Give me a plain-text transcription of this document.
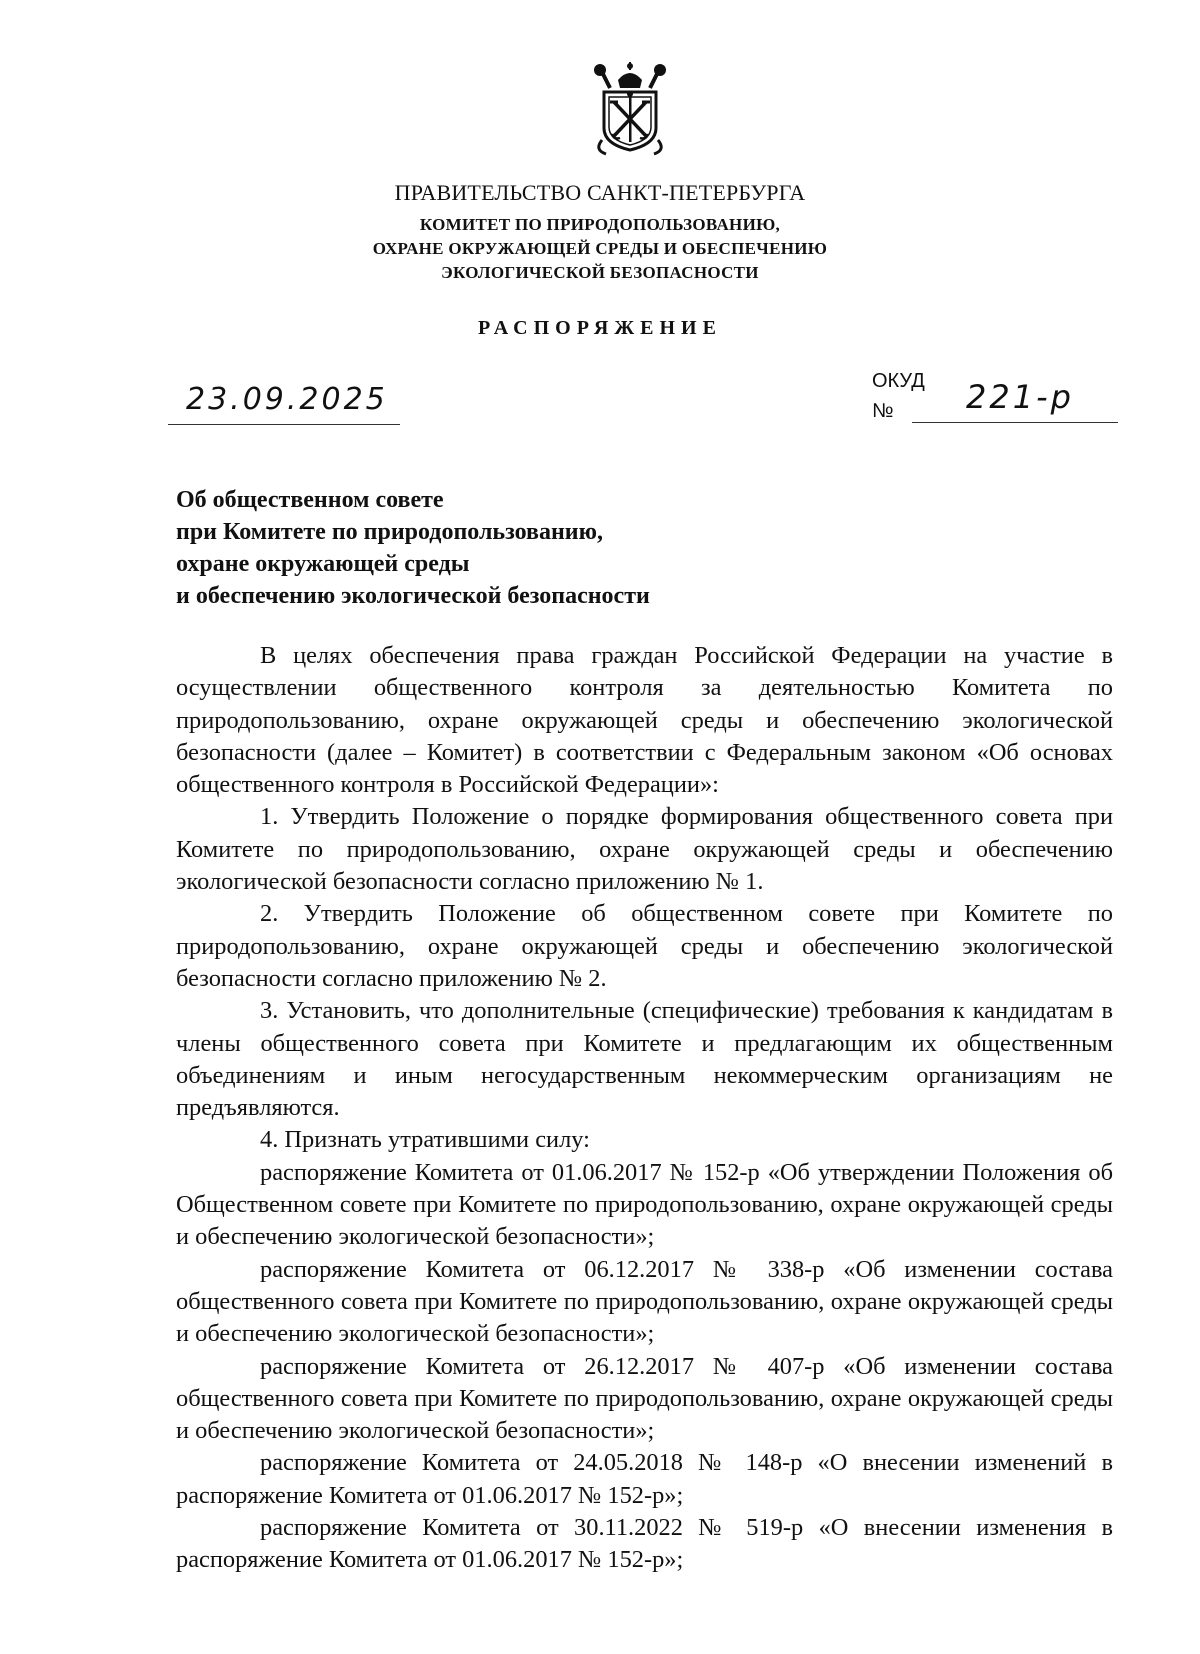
ПРАВИТЕЛЬСТВО САНКТ-ПЕТЕРБУРГА
КОМИТЕТ ПО ПРИРОДОПОЛЬЗОВАНИЮ,
ОХРАНЕ ОКРУЖАЮЩЕЙ СРЕДЫ И ОБЕСПЕЧЕНИЮ
ЭКОЛОГИЧЕСКОЙ БЕЗОПАСНОСТИ
РАСПОРЯЖЕНИЕ
23.09.2025
ОКУД
№ 221-р
Об общественном совете
при Комитете по природопользованию,
охране окружающей среды
и обеспечению экологической безопасности

В целях обеспечения права граждан Российской Федерации на участие в осуществлении общественного контроля за деятельностью Комитета по природопользованию, охране окружающей среды и обеспечению экологической безопасности (далее – Комитет) в соответствии с Федеральным законом «Об основах общественного контроля в Российской Федерации»:

1. Утвердить Положение о порядке формирования общественного совета при Комитете по природопользованию, охране окружающей среды и обеспечению экологической безопасности согласно приложению № 1.

2. Утвердить Положение об общественном совете при Комитете по природопользованию, охране окружающей среды и обеспечению экологической безопасности согласно приложению № 2.

3. Установить, что дополнительные (специфические) требования к кандидатам в члены общественного совета при Комитете и предлагающим их общественным объединениям и иным негосударственным некоммерческим организациям не предъявляются.

4. Признать утратившими силу:

распоряжение Комитета от 01.06.2017 № 152-р «Об утверждении Положения об Общественном совете при Комитете по природопользованию, охране окружающей среды и обеспечению экологической безопасности»;

распоряжение Комитета от 06.12.2017 № 338-р «Об изменении состава общественного совета при Комитете по природопользованию, охране окружающей среды и обеспечению экологической безопасности»;

распоряжение Комитета от 26.12.2017 № 407-р «Об изменении состава общественного совета при Комитете по природопользованию, охране окружающей среды и обеспечению экологической безопасности»;

распоряжение Комитета от 24.05.2018 № 148-р «О внесении изменений в распоряжение Комитета от 01.06.2017 № 152-р»;

распоряжение Комитета от 30.11.2022 № 519-р «О внесении изменения в распоряжение Комитета от 01.06.2017 № 152-р»;
